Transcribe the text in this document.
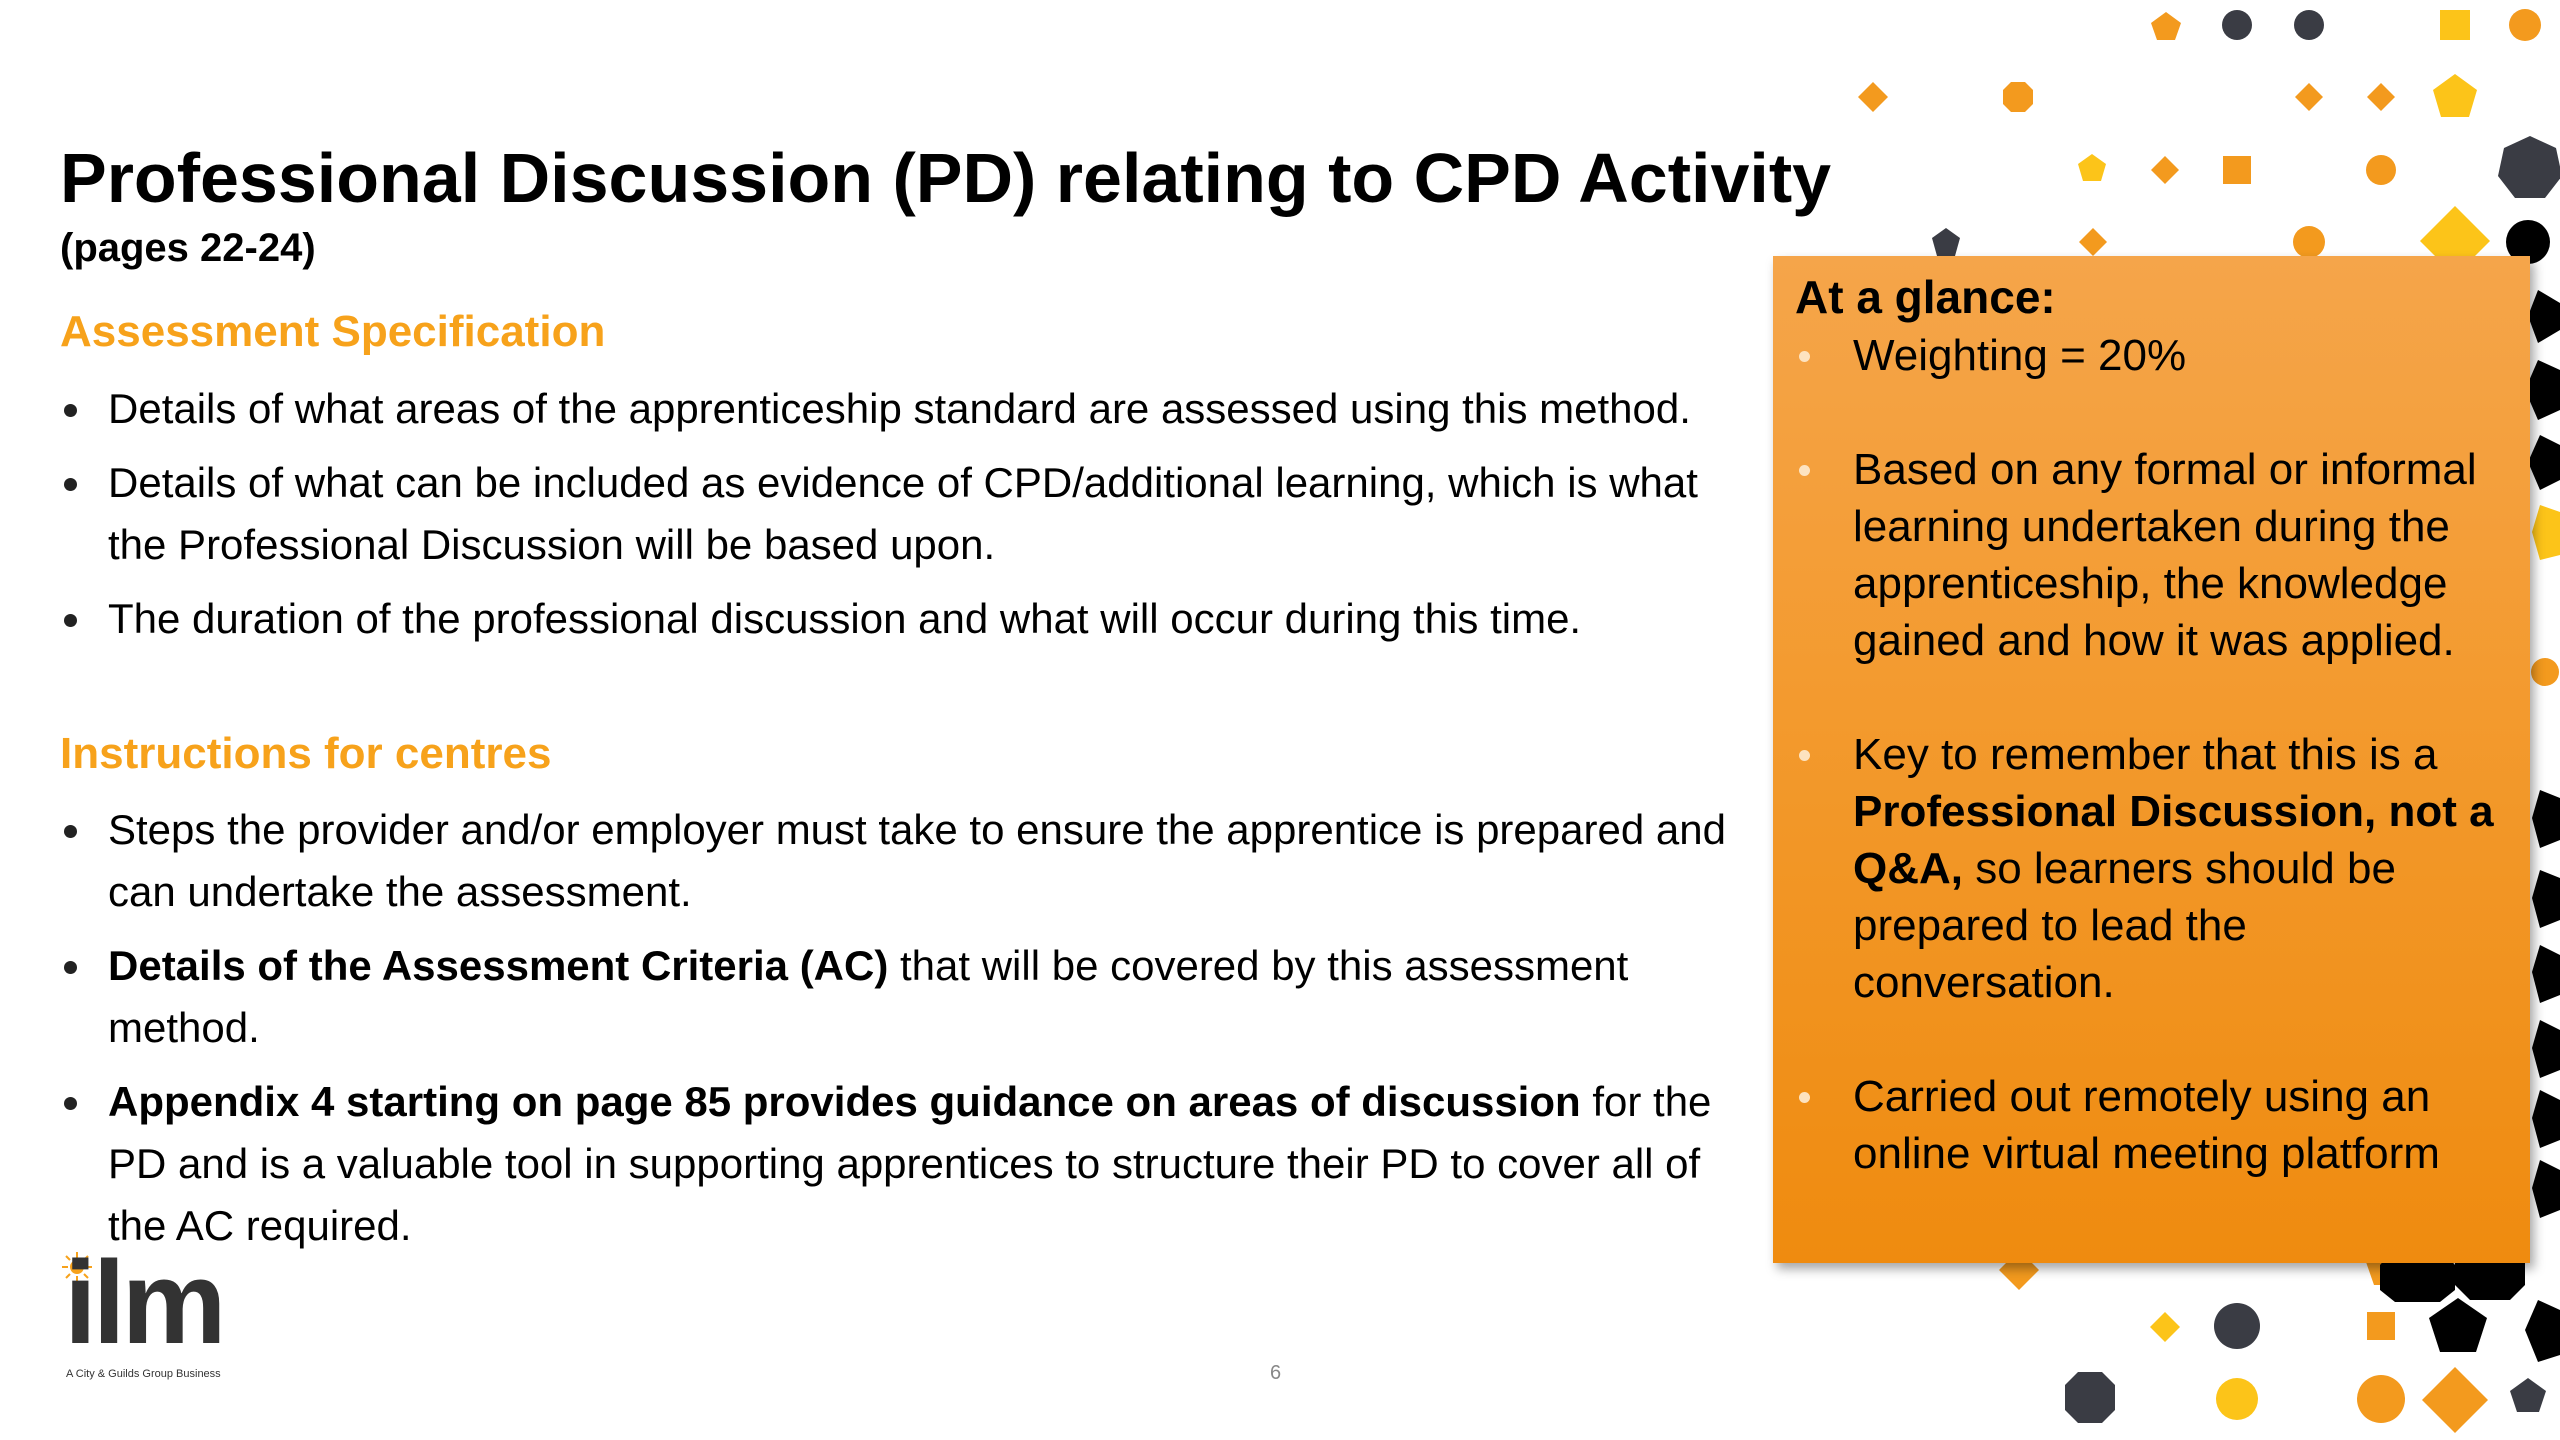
Professional Discussion (PD) relating to CPD Activity
(pages 22-24)
Assessment Specification
Details of what areas of the apprenticeship standard are assessed using this method.
Details of what can be included as evidence of CPD/additional learning, which is what the Professional Discussion will be based upon.
The duration of the professional discussion and what will occur during this time.
Instructions for centres
Steps the provider and/or employer must take to ensure the apprentice is prepared and can undertake the assessment.
Details of the Assessment Criteria (AC) that will be covered by this assessment method.
Appendix 4 starting on page 85 provides guidance on areas of discussion for the PD and is a valuable tool in supporting apprentices to structure their PD to cover all of the AC required.
At a glance:
Weighting = 20%
Based on any formal or informal learning undertaken during the apprenticeship, the knowledge gained and how it was applied.
Key to remember that this is a Professional Discussion, not a Q&A, so learners should be prepared to lead the conversation.
Carried out remotely using an online virtual meeting platform
ilm
A City & Guilds Group Business	6
